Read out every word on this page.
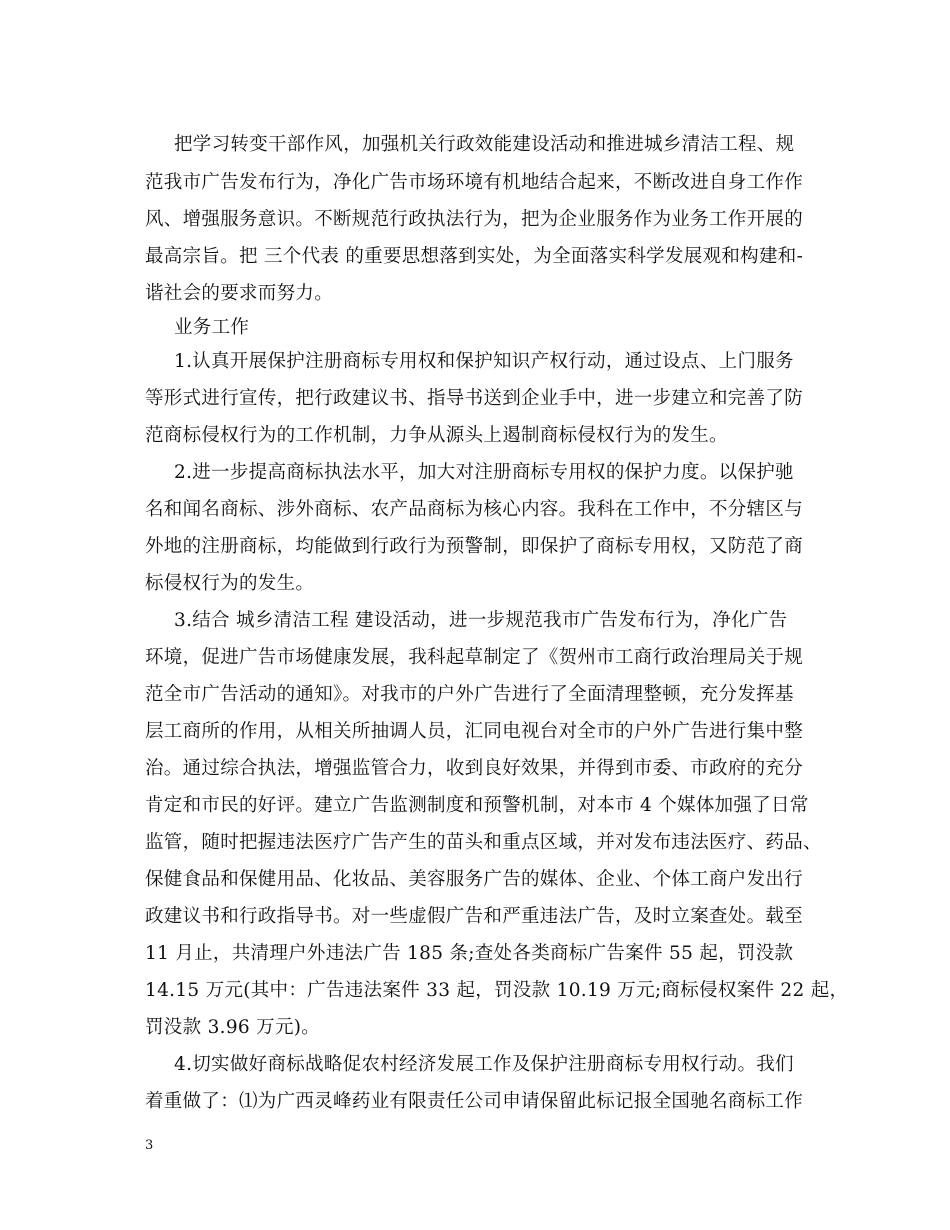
把学习转变干部作风，加强机关行政效能建设活动和推进城乡清洁工程、规
范我市广告发布行为，净化广告市场环境有机地结合起来，不断改进自身工作作
风、增强服务意识。不断规范行政执法行为，把为企业服务作为业务工作开展的
最高宗旨。把 三个代表 的重要思想落到实处，为全面落实科学发展观和构建和-
谐社会的要求而努力。
业务工作
1.认真开展保护注册商标专用权和保护知识产权行动，通过设点、上门服务
等形式进行宣传，把行政建议书、指导书送到企业手中，进一步建立和完善了防
范商标侵权行为的工作机制，力争从源头上遏制商标侵权行为的发生。
2.进一步提高商标执法水平，加大对注册商标专用权的保护力度。以保护驰
名和闻名商标、涉外商标、农产品商标为核心内容。我科在工作中，不分辖区与
外地的注册商标，均能做到行政行为预警制，即保护了商标专用权，又防范了商
标侵权行为的发生。
3.结合 城乡清洁工程 建设活动，进一步规范我市广告发布行为，净化广告
环境，促进广告市场健康发展，我科起草制定了《贺州市工商行政治理局关于规
范全市广告活动的通知》。对我市的户外广告进行了全面清理整顿，充分发挥基
层工商所的作用，从相关所抽调人员，汇同电视台对全市的户外广告进行集中整
治。通过综合执法，增强监管合力，收到良好效果，并得到市委、市政府的充分
肯定和市民的好评。建立广告监测制度和预警机制，对本市 4 个媒体加强了日常
监管，随时把握违法医疗广告产生的苗头和重点区域，并对发布违法医疗、药品、
保健食品和保健用品、化妆品、美容服务广告的媒体、企业、个体工商户发出行
政建议书和行政指导书。对一些虚假广告和严重违法广告，及时立案查处。载至
11 月止，共清理户外违法广告 185 条;查处各类商标广告案件 55 起，罚没款
14.15 万元(其中：广告违法案件 33 起，罚没款 10.19 万元;商标侵权案件 22 起，
罚没款 3.96 万元)。
4.切实做好商标战略促农村经济发展工作及保护注册商标专用权行动。我们
着重做了：⑴为广西灵峰药业有限责任公司申请保留此标记报全国驰名商标工作
3
